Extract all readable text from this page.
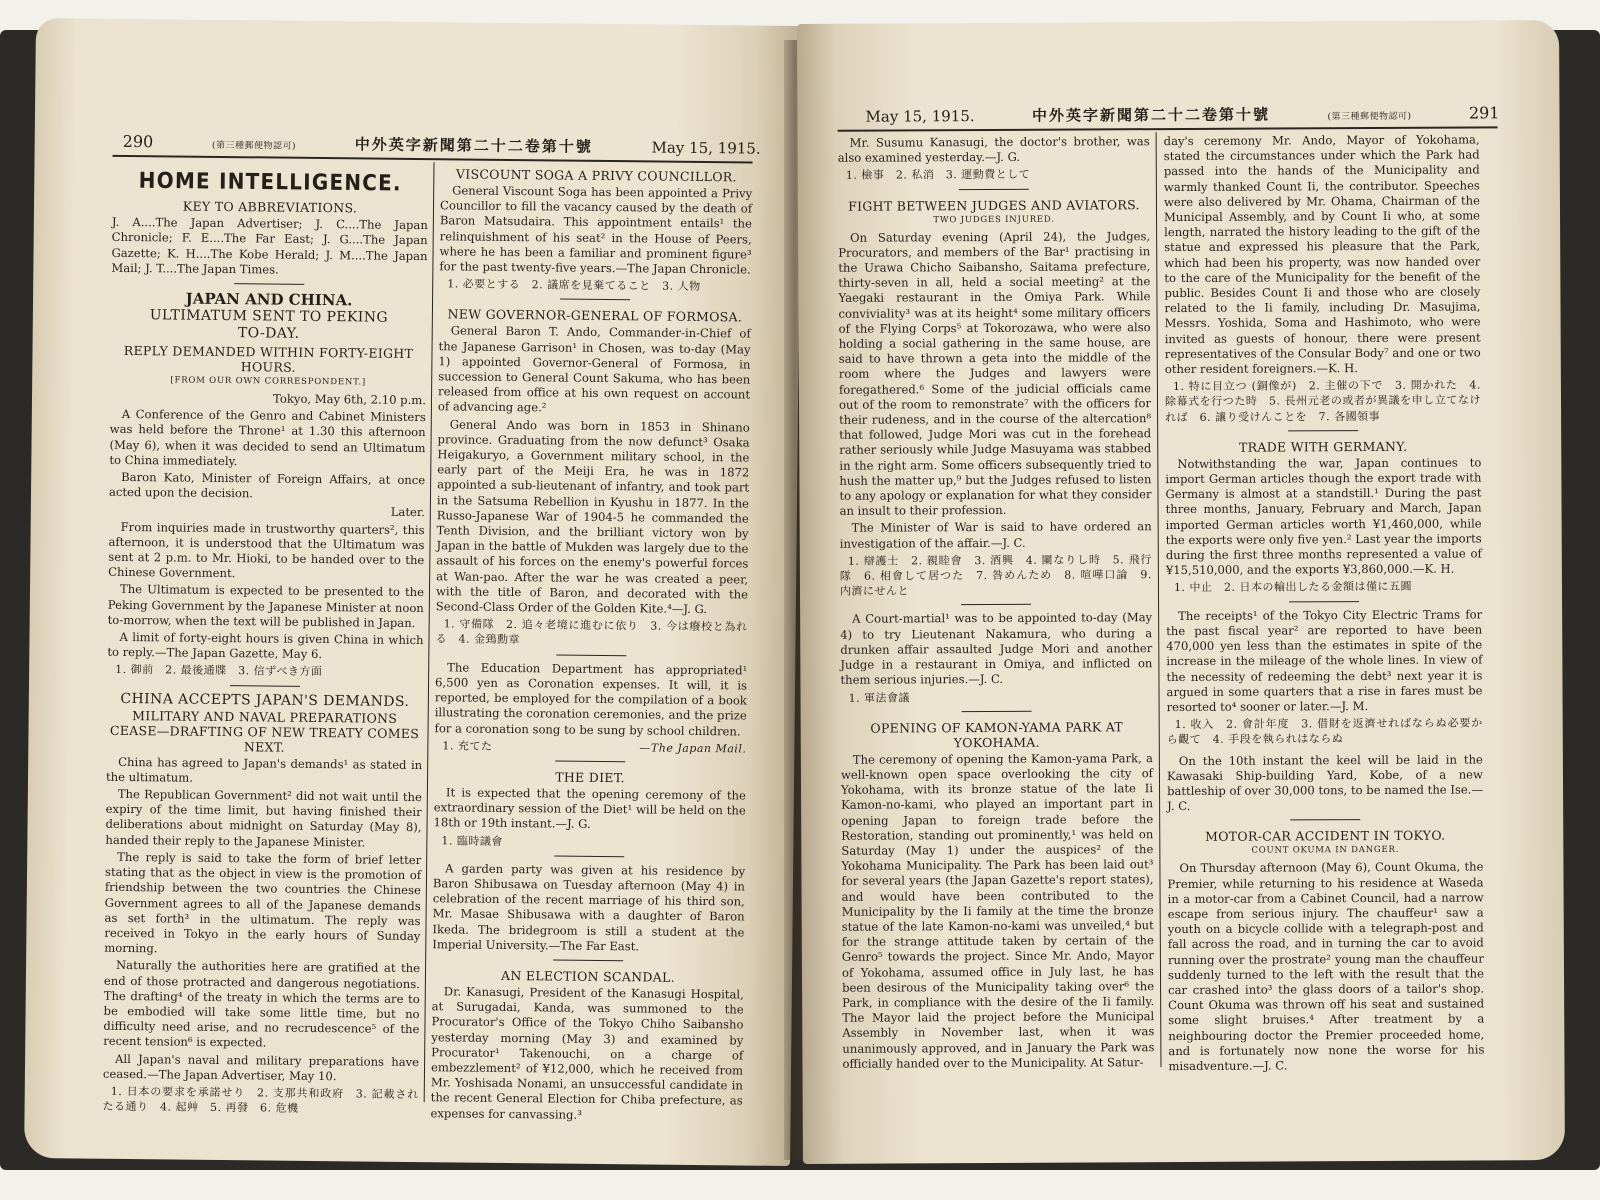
290	(第三種郵便物認可)	中外英字新聞第二十二卷第十號	May 15, 1915.
HOME INTELLIGENCE.
KEY TO ABBREVIATIONS.

J. A....The Japan Advertiser; J. C....The Japan Chronicle; F. E....The Far East; J. G....The Japan Gazette; K. H....The Kobe Herald; J. M....The Japan Mail; J. T....The Japan Times.

JAPAN AND CHINA.
ULTIMATUM SENT TO PEKING
TO-DAY.
REPLY DEMANDED WITHIN FORTY-EIGHT HOURS.
[FROM OUR OWN CORRESPONDENT.]

Tokyo, May 6th, 2.10 p.m.

A Conference of the Genro and Cabinet Ministers was held before the Throne¹ at 1.30 this afternoon (May 6), when it was decided to send an Ultimatum to China immediately.

Baron Kato, Minister of Foreign Affairs, at once acted upon the decision.

Later.

From inquiries made in trustworthy quarters², this afternoon, it is understood that the Ultimatum was sent at 2 p.m. to Mr. Hioki, to be handed over to the Chinese Government.

The Ultimatum is expected to be presented to the Peking Government by the Japanese Minister at noon to-morrow, when the text will be published in Japan.

A limit of forty-eight hours is given China in which to reply.—The Japan Gazette, May 6.

1. 御前　2. 最後通牒　3. 信ずべき方面

CHINA ACCEPTS JAPAN'S DEMANDS.
MILITARY AND NAVAL PREPARATIONS CEASE—DRAFTING OF NEW TREATY COMES NEXT.

China has agreed to Japan's demands¹ as stated in the ultimatum.

The Republican Government² did not wait until the expiry of the time limit, but having finished their deliberations about midnight on Saturday (May 8), handed their reply to the Japanese Minister.

The reply is said to take the form of brief letter stating that as the object in view is the promotion of friendship between the two countries the Chinese Government agrees to all of the Japanese demands as set forth³ in the ultimatum. The reply was received in Tokyo in the early hours of Sunday morning.

Naturally the authorities here are gratified at the end of those protracted and dangerous negotiations. The drafting⁴ of the treaty in which the terms are to be embodied will take some little time, but no difficulty need arise, and no recrudescence⁵ of the recent tension⁶ is expected.

All Japan's naval and military preparations have ceased.—The Japan Advertiser, May 10.

1. 日本の要求を承諾せり　2. 支那共和政府　3. 記載されたる通り　4. 起艸　5. 再發　6. 危機

VISCOUNT SOGA A PRIVY COUNCILLOR.

General Viscount Soga has been appointed a Privy Councillor to fill the vacancy caused by the death of Baron Matsudaira. This appointment entails¹ the relinquishment of his seat² in the House of Peers, where he has been a familiar and prominent figure³ for the past twenty-five years.—The Japan Chronicle.

1. 必要とする　2. 議席を見棄てること　3. 人物

NEW GOVERNOR-GENERAL OF FORMOSA.

General Baron T. Ando, Commander-in-Chief of the Japanese Garrison¹ in Chosen, was to-day (May 1) appointed Governor-General of Formosa, in succession to General Count Sakuma, who has been released from office at his own request on account of advancing age.²

General Ando was born in 1853 in Shinano province. Graduating from the now defunct³ Osaka Heigakuryo, a Government military school, in the early part of the Meiji Era, he was in 1872 appointed a sub-lieutenant of infantry, and took part in the Satsuma Rebellion in Kyushu in 1877. In the Russo-Japanese War of 1904-5 he commanded the Tenth Division, and the brilliant victory won by Japan in the battle of Mukden was largely due to the assault of his forces on the enemy's powerful forces at Wan-pao. After the war he was created a peer, with the title of Baron, and decorated with the Second-Class Order of the Golden Kite.⁴—J. G.

1. 守備隊　2. 追々老境に進むに依り　3. 今は癈校と為れる　4. 金鵄勳章

The Education Department has appropriated¹ 6,500 yen as Coronation expenses. It will, it is reported, be employed for the compilation of a book illustrating the coronation ceremonies, and the prize for a coronation song to be sung by school children.

1. 充てた	—The Japan Mail.

THE DIET.

It is expected that the opening ceremony of the extraordinary session of the Diet¹ will be held on the 18th or 19th instant.—J. G.

1. 臨時議會

A garden party was given at his residence by Baron Shibusawa on Tuesday afternoon (May 4) in celebration of the recent marriage of his third son, Mr. Masae Shibusawa with a daughter of Baron Ikeda. The bridegroom is still a student at the Imperial University.—The Far East.

AN ELECTION SCANDAL.

Dr. Kanasugi, President of the Kanasugi Hospital, at Surugadai, Kanda, was summoned to the Procurator's Office of the Tokyo Chiho Saibansho yesterday morning (May 3) and examined by Procurator¹ Takenouchi, on a charge of embezzlement² of ¥12,000, which he received from Mr. Yoshisada Nonami, an unsuccessful candidate in the recent General Election for Chiba prefecture, as expenses for canvassing.³

May 15, 1915.	中外英字新聞第二十二卷第十號	(第三種郵便物認可)	291

Mr. Susumu Kanasugi, the doctor's brother, was also examined yesterday.—J. G.

1. 檢事　2. 私消　3. 運動費として

FIGHT BETWEEN JUDGES AND AVIATORS.
TWO JUDGES INJURED.

On Saturday evening (April 24), the Judges, Procurators, and members of the Bar¹ practising in the Urawa Chicho Saibansho, Saitama prefecture, thirty-seven in all, held a social meeting² at the Yaegaki restaurant in the Omiya Park. While conviviality³ was at its height⁴ some military officers of the Flying Corps⁵ at Tokorozawa, who were also holding a social gathering in the same house, are said to have thrown a geta into the middle of the room where the Judges and lawyers were foregathered.⁶ Some of the judicial officials came out of the room to remonstrate⁷ with the officers for their rudeness, and in the course of the altercation⁸ that followed, Judge Mori was cut in the forehead rather seriously while Judge Masuyama was stabbed in the right arm. Some officers subsequently tried to hush the matter up,⁹ but the Judges refused to listen to any apology or explanation for what they consider an insult to their profession.

The Minister of War is said to have ordered an investigation of the affair.—J. C.

1. 辯護士　2. 親睦會　3. 酒興　4. 闌なりし時　5. 飛行隊　6. 相會して居つた　7. 咎めんため　8. 喧嘩口論　9. 内濟にせんと

A Court-martial¹ was to be appointed to-day (May 4) to try Lieutenant Nakamura, who during a drunken affair assaulted Judge Mori and another Judge in a restaurant in Omiya, and inflicted on them serious injuries.—J. C.

1. 軍法會議

OPENING OF KAMON-YAMA PARK AT YOKOHAMA.

The ceremony of opening the Kamon-yama Park, a well-known open space overlooking the city of Yokohama, with its bronze statue of the late Ii Kamon-no-kami, who played an important part in opening Japan to foreign trade before the Restoration, standing out prominently,¹ was held on Saturday (May 1) under the auspices² of the Yokohama Municipality. The Park has been laid out³ for several years (the Japan Gazette's report states), and would have been contributed to the Municipality by the Ii family at the time the bronze statue of the late Kamon-no-kami was unveiled,⁴ but for the strange attitude taken by certain of the Genro⁵ towards the project. Since Mr. Ando, Mayor of Yokohama, assumed office in July last, he has been desirous of the Municipality taking over⁶ the Park, in compliance with the desire of the Ii family. The Mayor laid the project before the Municipal Assembly in November last, when it was unanimously approved, and in January the Park was officially handed over to the Municipality. At Satur-

day's ceremony Mr. Ando, Mayor of Yokohama, stated the circumstances under which the Park had passed into the hands of the Municipality and warmly thanked Count Ii, the contributor. Speeches were also delivered by Mr. Ohama, Chairman of the Municipal Assembly, and by Count Ii who, at some length, narrated the history leading to the gift of the statue and expressed his pleasure that the Park, which had been his property, was now handed over to the care of the Municipality for the benefit of the public. Besides Count Ii and those who are closely related to the Ii family, including Dr. Masujima, Messrs. Yoshida, Soma and Hashimoto, who were invited as guests of honour, there were present representatives of the Consular Body⁷ and one or two other resident foreigners.—K. H.

1. 特に目立つ (銅像が)　2. 主催の下で　3. 開かれた　4. 除幕式を行つた時　5. 長州元老の或者が異議を申し立てなければ　6. 讓り受けんことを　7. 各國領事

TRADE WITH GERMANY.

Notwithstanding the war, Japan continues to import German articles though the export trade with Germany is almost at a standstill.¹ During the past three months, January, February and March, Japan imported German articles worth ¥1,460,000, while the exports were only five yen.² Last year the imports during the first three months represented a value of ¥15,510,000, and the exports ¥3,860,000.—K. H.

1. 中止　2. 日本の輸出したる金額は僅に五圓

The receipts¹ of the Tokyo City Electric Trams for the past fiscal year² are reported to have been 470,000 yen less than the estimates in spite of the increase in the mileage of the whole lines. In view of the necessity of redeeming the debt³ next year it is argued in some quarters that a rise in fares must be resorted to⁴ sooner or later.—J. M.

1. 收入　2. 會計年度　3. 借財を返濟せればならぬ必要から觀て　4. 手段を執られはならぬ

On the 10th instant the keel will be laid in the Kawasaki Ship-building Yard, Kobe, of a new battleship of over 30,000 tons, to be named the Ise.—J. C.

MOTOR-CAR ACCIDENT IN TOKYO.
COUNT OKUMA IN DANGER.

On Thursday afternoon (May 6), Count Okuma, the Premier, while returning to his residence at Waseda in a motor-car from a Cabinet Council, had a narrow escape from serious injury. The chauffeur¹ saw a youth on a bicycle collide with a telegraph-post and fall across the road, and in turning the car to avoid running over the prostrate² young man the chauffeur suddenly turned to the left with the result that the car crashed into³ the glass doors of a tailor's shop. Count Okuma was thrown off his seat and sustained some slight bruises.⁴ After treatment by a neighbouring doctor the Premier proceeded home, and is fortunately now none the worse for his misadventure.—J. C.
